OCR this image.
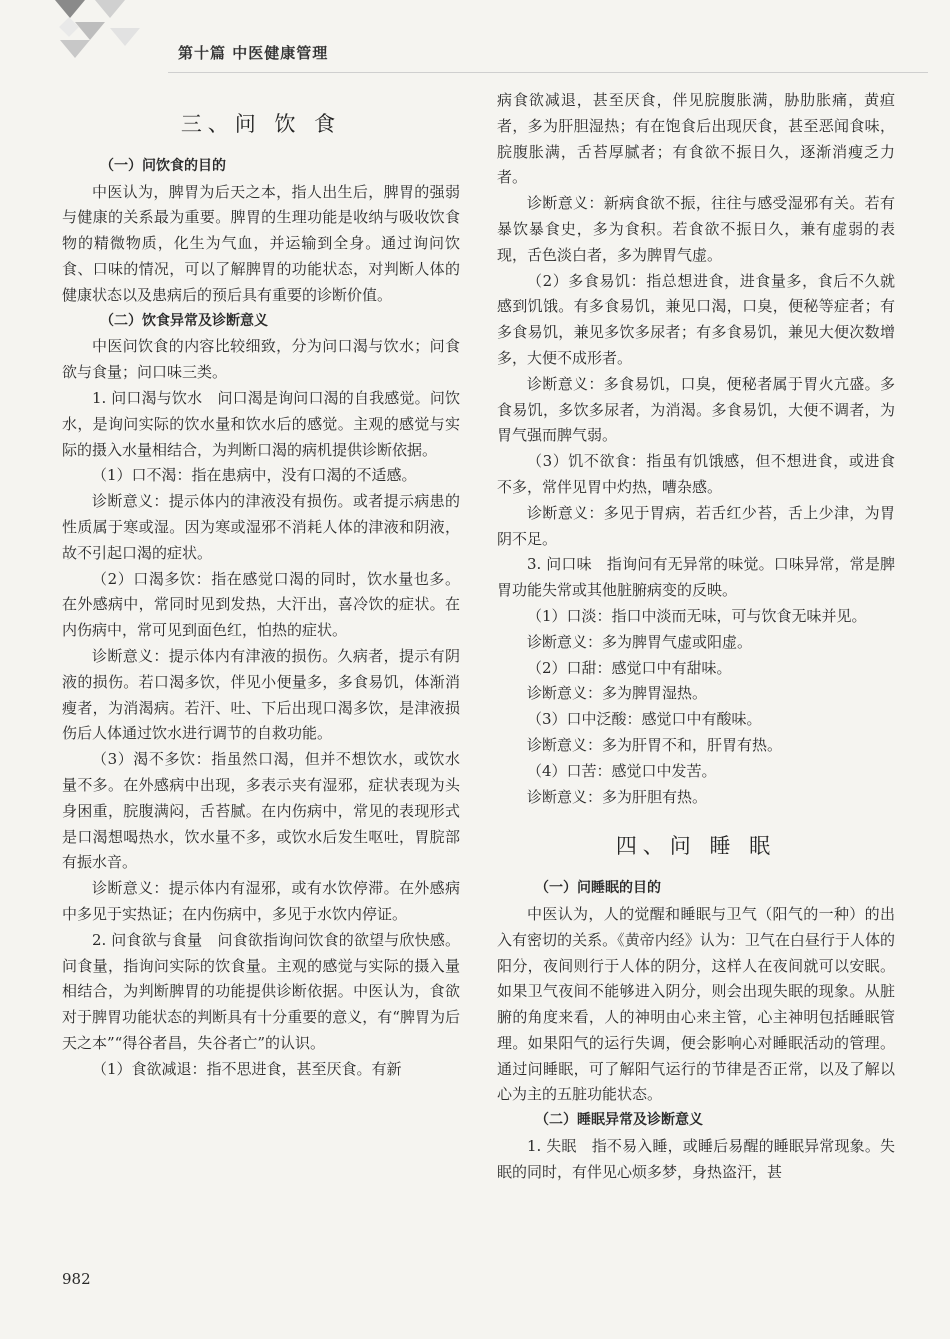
第十篇 中医健康管理
三、问 饮 食
（一）问饮食的目的

中医认为，脾胃为后天之本，指人出生后，脾胃的强弱与健康的关系最为重要。脾胃的生理功能是收纳与吸收饮食物的精微物质，化生为气血，并运输到全身。通过询问饮食、口味的情况，可以了解脾胃的功能状态，对判断人体的健康状态以及患病后的预后具有重要的诊断价值。

（二）饮食异常及诊断意义

中医问饮食的内容比较细致，分为问口渴与饮水；问食欲与食量；问口味三类。

1. 问口渴与饮水　问口渴是询问口渴的自我感觉。问饮水，是询问实际的饮水量和饮水后的感觉。主观的感觉与实际的摄入水量相结合，为判断口渴的病机提供诊断依据。

（1）口不渴：指在患病中，没有口渴的不适感。

诊断意义：提示体内的津液没有损伤。或者提示病患的性质属于寒或湿。因为寒或湿邪不消耗人体的津液和阴液，故不引起口渴的症状。

（2）口渴多饮：指在感觉口渴的同时，饮水量也多。在外感病中，常同时见到发热，大汗出，喜冷饮的症状。在内伤病中，常可见到面色红，怕热的症状。

诊断意义：提示体内有津液的损伤。久病者，提示有阴液的损伤。若口渴多饮，伴见小便量多，多食易饥，体渐消瘦者，为消渴病。若汗、吐、下后出现口渴多饮，是津液损伤后人体通过饮水进行调节的自救功能。

（3）渴不多饮：指虽然口渴，但并不想饮水，或饮水量不多。在外感病中出现，多表示夹有湿邪，症状表现为头身困重，脘腹满闷，舌苔腻。在内伤病中，常见的表现形式是口渴想喝热水，饮水量不多，或饮水后发生呕吐，胃脘部有振水音。

诊断意义：提示体内有湿邪，或有水饮停滞。在外感病中多见于实热证；在内伤病中，多见于水饮内停证。

2. 问食欲与食量　问食欲指询问饮食的欲望与欣快感。问食量，指询问实际的饮食量。主观的感觉与实际的摄入量相结合，为判断脾胃的功能提供诊断依据。中医认为，食欲对于脾胃功能状态的判断具有十分重要的意义，有“脾胃为后天之本”“得谷者昌，失谷者亡”的认识。

（1）食欲减退：指不思进食，甚至厌食。有新

病食欲减退，甚至厌食，伴见脘腹胀满，胁肋胀痛，黄疸者，多为肝胆湿热；有在饱食后出现厌食，甚至恶闻食味，脘腹胀满，舌苔厚腻者；有食欲不振日久，逐渐消瘦乏力者。

诊断意义：新病食欲不振，往往与感受湿邪有关。若有暴饮暴食史，多为食积。若食欲不振日久，兼有虚弱的表现，舌色淡白者，多为脾胃气虚。

（2）多食易饥：指总想进食，进食量多，食后不久就感到饥饿。有多食易饥，兼见口渴，口臭，便秘等症者；有多食易饥，兼见多饮多尿者；有多食易饥，兼见大便次数增多，大便不成形者。

诊断意义：多食易饥，口臭，便秘者属于胃火亢盛。多食易饥，多饮多尿者，为消渴。多食易饥，大便不调者，为胃气强而脾气弱。

（3）饥不欲食：指虽有饥饿感，但不想进食，或进食不多，常伴见胃中灼热，嘈杂感。

诊断意义：多见于胃病，若舌红少苔，舌上少津，为胃阴不足。

3. 问口味　指询问有无异常的味觉。口味异常，常是脾胃功能失常或其他脏腑病变的反映。

（1）口淡：指口中淡而无味，可与饮食无味并见。

诊断意义：多为脾胃气虚或阳虚。

（2）口甜：感觉口中有甜味。

诊断意义：多为脾胃湿热。

（3）口中泛酸：感觉口中有酸味。

诊断意义：多为肝胃不和，肝胃有热。

（4）口苦：感觉口中发苦。

诊断意义：多为肝胆有热。

四、问 睡 眠
（一）问睡眠的目的

中医认为，人的觉醒和睡眠与卫气（阳气的一种）的出入有密切的关系。《黄帝内经》认为：卫气在白昼行于人体的阳分，夜间则行于人体的阴分，这样人在夜间就可以安眠。如果卫气夜间不能够进入阴分，则会出现失眠的现象。从脏腑的角度来看，人的神明由心来主管，心主神明包括睡眠管理。如果阳气的运行失调，便会影响心对睡眠活动的管理。通过问睡眠，可了解阳气运行的节律是否正常，以及了解以心为主的五脏功能状态。

（二）睡眠异常及诊断意义

1. 失眠　指不易入睡，或睡后易醒的睡眠异常现象。失眠的同时，有伴见心烦多梦，身热盗汗，甚

982
